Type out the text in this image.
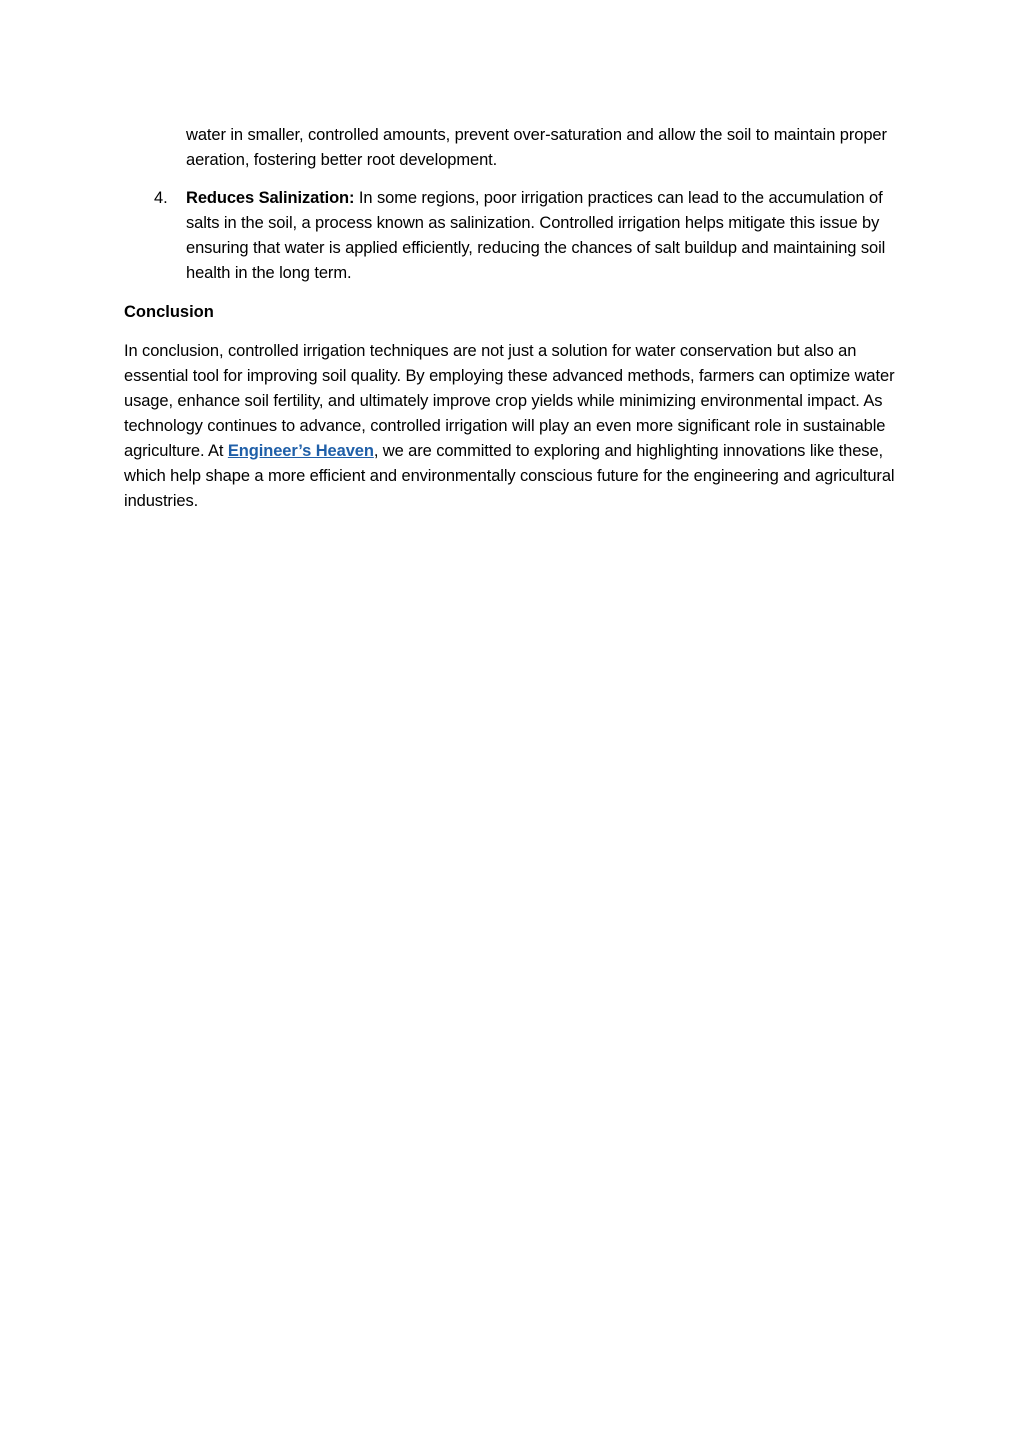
water in smaller, controlled amounts, prevent over-saturation and allow the soil to maintain proper aeration, fostering better root development.
4. Reduces Salinization: In some regions, poor irrigation practices can lead to the accumulation of salts in the soil, a process known as salinization. Controlled irrigation helps mitigate this issue by ensuring that water is applied efficiently, reducing the chances of salt buildup and maintaining soil health in the long term.
Conclusion
In conclusion, controlled irrigation techniques are not just a solution for water conservation but also an essential tool for improving soil quality. By employing these advanced methods, farmers can optimize water usage, enhance soil fertility, and ultimately improve crop yields while minimizing environmental impact. As technology continues to advance, controlled irrigation will play an even more significant role in sustainable agriculture. At Engineer’s Heaven, we are committed to exploring and highlighting innovations like these, which help shape a more efficient and environmentally conscious future for the engineering and agricultural industries.
